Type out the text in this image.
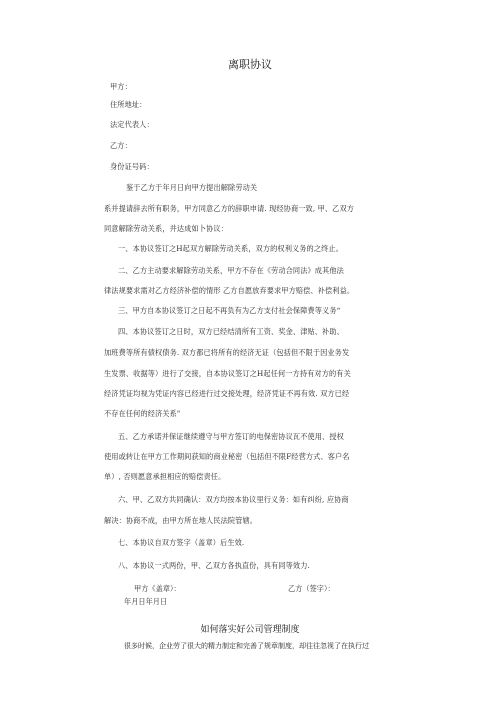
离职协议
甲方：
住所地址：
法定代表人：
乙方：
身份证号码：
鉴于乙方于年月日向甲方提出解除劳动关
系并提请辞去所有职务，甲方同意乙方的辞职申请. 现经协商一致, 甲、乙双方
同意解除劳动关系，并达成如卜协议：
一、本协议签订之H起双方解除劳动关系，双方的权利义务的之终止。
二、乙方主动要求解除劳动关系，甲方不存在《劳动合同法》成其他法
律法规要求需对乙方经济补偿的情形 乙方自愿放弃要求甲方赔偿、补偿利益。
三、甲方自本协议签订之日起不再负有为乙方支付社会保障费等义务“
四、本协议签订之日时，双方已经结清所有工资、奖金、津贴、补助、
加班费等所有债权债务. 双方都已将所有的经济无证（包括但不限于因业务发
生发票、收据等）进行了交接，自本协议签订之H起任何一方持有对方的有关
经济凭证均视为凭证内容已经进行过交接处理，经济凭证不再有效. 双方已经
不存在任何的经济关系"
五、乙方承诺并保证继续遵守与甲方签订的电保密协议瓦不使用、授权
使用或转让在甲方工作期间获知的商业秘密（包括但不限F经营方式、客户名
单）, 否则愿意承担相应的赔偿责任。
六、甲、乙双方共同确认：双方均按本协议里行义务：如有纠纷, 应协商
解决：协商不成，由甲方所在地人民法院管辖。
七、本协议自双方签字（盖章）后生效.
八、本协议一式两份，甲、乙双方各执直份，具有同等效力.
甲方《盖章）：	乙方（签字）：
年月日年月日
如何落实好公司管理制度
很多时候，企业劳了很大的精力制定和完善了规章制度，却往往忽视了在执行过
